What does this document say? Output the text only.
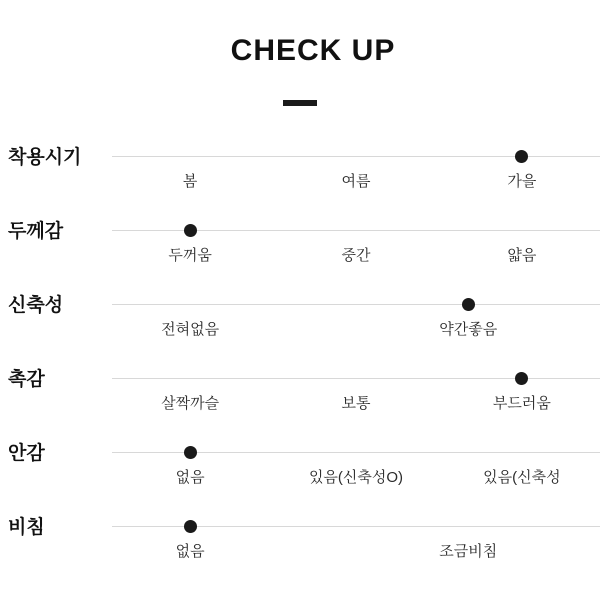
CHECK UP
착용시기
봄	여름	가을
두께감
두꺼움	중간	얇음
신축성
전혀없음	약간좋음
촉감
살짝까슬	보통	부드러움
안감
없음	있음(신축성O)	있음(신축성
비침
없음	조금비침
